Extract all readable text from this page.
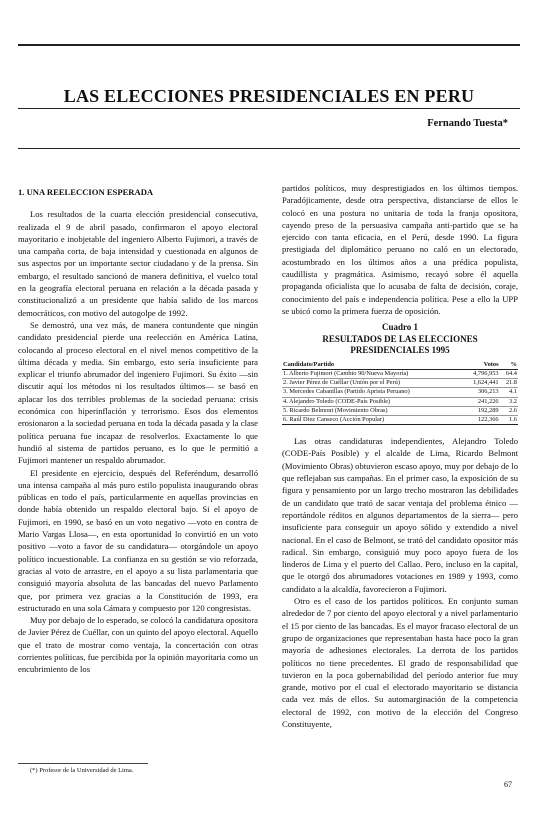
LAS ELECCIONES PRESIDENCIALES EN PERU
Fernando Tuesta*
1. UNA REELECCION ESPERADA

Los resultados de la cuarta elección presidencial consecutiva, realizada el 9 de abril pasado, confirmaron el apoyo electoral mayoritario e inobjetable del ingeniero Alberto Fujimori, a través de una campaña corta, de baja intensidad y cuestionada en algunos de sus aspectos por un importante sector ciudadano y de la prensa. Sin embargo, el resultado sancionó de manera definitiva, el vuelco total en la geografía electoral peruana en relación a la década pasada y constitucionalizó a un presidente que había salido de los marcos democráticos, con motivo del autogolpe de 1992.

Se demostró, una vez más, de manera contundente que ningún candidato presidencial pierde una reelección en América Latina, colocando al proceso electoral en el nivel menos competitivo de la última década y media. Sin embargo, esto sería insuficiente para explicar el triunfo abrumador del ingeniero Fujimori. Su éxito —sin discutir aquí los métodos ni los resultados últimos— se basó en aplacar los dos terribles problemas de la sociedad peruana: crisis económica con hiperinflación y terrorismo. Esos dos elementos erosionaron a la sociedad peruana en toda la década pasada y la clase política peruana fue incapaz de resolverlos. Exactamente lo que hundió al sistema de partidos peruano, es lo que le permitió a Fujimori mantener un respaldo abrumador.

El presidente en ejercicio, después del Referéndum, desarrolló una intensa campaña al más puro estilo populista inaugurando obras públicas en todo el país, particularmente en aquellas provincias en donde había obtenido un respaldo electoral bajo. Si el apoyo de Fujimori, en 1990, se basó en un voto negativo —voto en contra de Mario Vargas Llosa—, en esta oportunidad lo convirtió en un voto positivo —voto a favor de su candidatura— otorgándole un apoyo político incuestionable. La confianza en su gestión se vio reforzada, gracias al voto de arrastre, en el apoyo a su lista parlamentaria que consiguió mayoría absoluta de las bancadas del nuevo Parlamento que, por primera vez gracias a la Constitución de 1993, era estructurado en una sola Cámara y compuesto por 120 congresistas.

Muy por debajo de lo esperado, se colocó la candidatura opositora de Javier Pérez de Cuéllar, con un quinto del apoyo electoral. Aquello que el trato de mostrar como ventaja, la concertación con otras corrientes políticas, fue percibida por la opinión mayoritaria como un encubrimiento de los

partidos políticos, muy desprestigiados en los últimos tiempos. Paradójicamente, desde otra perspectiva, distanciarse de ellos le colocó en una postura no unitaria de toda la franja opositora, cayendo preso de la persuasiva campaña anti-partido que se ha ejercido con tanta eficacia, en el Perú, desde 1990. La figura prestigiada del diplomático peruano no caló en un electorado, acostumbrado en los últimos años a una prédica populista, caudillista y pragmática. Asimismo, recayó sobre él aquella propaganda oficialista que lo acusaba de falta de decisión, coraje, conocimiento del país e independencia política. Pese a ello la UPP se ubicó como la primera fuerza de oposición.

Cuadro 1
RESULTADOS DE LAS ELECCIONES PRESIDENCIALES 1995
Candidato/Partido	Votos	%
1. Alberto Fujimori (Cambio 90/Nueva Mayoría)	4,796,953	64.4
2. Javier Pérez de Cuéllar (Unión por el Perú)	1,624,441	21.8
3. Mercedes Cabanillas (Partido Aprista Peruano)	306,213	4.1
4. Alejandro Toledo (CODE-País Posible)	241,226	3.2
5. Ricardo Belmont (Movimiento Obras)	192,289	2.6
6. Raúl Diez Canseco (Acción Popular)	122,366	1.6

Las otras candidaturas independientes, Alejandro Toledo (CODE-País Posible) y el alcalde de Lima, Ricardo Belmont (Movimiento Obras) obtuvieron escaso apoyo, muy por debajo de lo que reflejaban sus campañas. En el primer caso, la exposición de su figura y pensamiento por un largo trecho mostraron las debilidades de un candidato que trató de sacar ventaja del problema étnico —reportándole réditos en algunos departamentos de la sierra— pero insuficiente para conseguir un apoyo sólido y extendido a nivel nacional. En el caso de Belmont, se trató del candidato opositor más radical. Sin embargo, consiguió muy poco apoyo fuera de los linderos de Lima y el puerto del Callao. Pero, incluso en la capital, que le otorgó dos abrumadores votaciones en 1989 y 1993, como candidato a la alcaldía, favorecieron a Fujimori.

Otro es el caso de los partidos políticos. En conjunto suman alrededor de 7 por ciento del apoyo electoral y a nivel parlamentario el 15 por ciento de las bancadas. Es el mayor fracaso electoral de un grupo de organizaciones que representaban hasta hace poco la gran mayoría de adhesiones electorales. La derrota de los partidos políticos no tiene precedentes. El grado de responsabilidad que tuvieron en la poca gobernabilidad del período anterior fue muy grande, motivo por el cual el electorado mayoritario se distancia cada vez más de ellos. Su automarginación de la competencia electoral de 1992, con motivo de la elección del Congreso Constituyente,

(*) Profesor de la Universidad de Lima.
67
